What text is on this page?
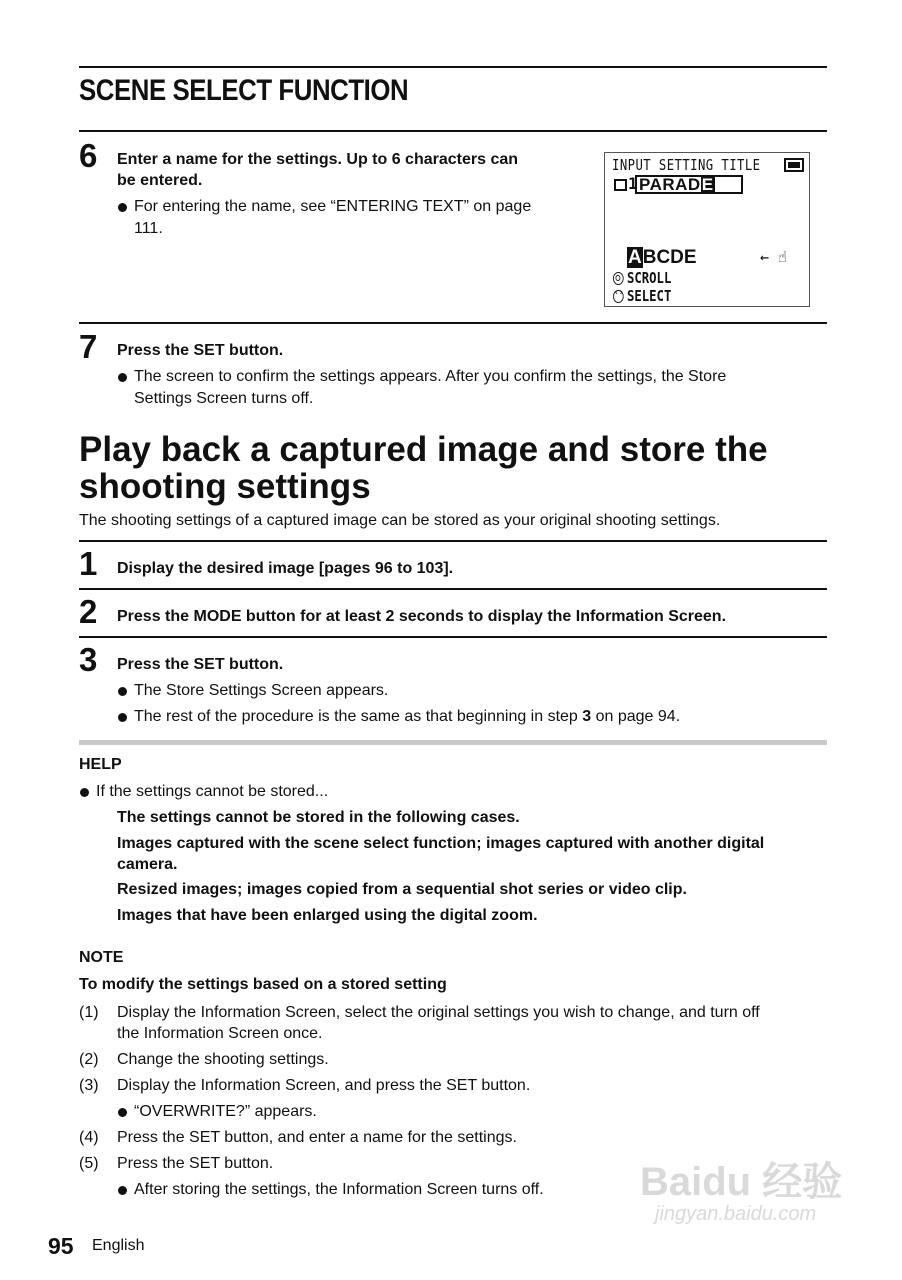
SCENE SELECT FUNCTION
6 Enter a name for the settings. Up to 6 characters can
be entered.
For entering the name, see “ENTERING TEXT” on page
111.
INPUT SETTING TITLE
1 PARADE
ABCDE	← ☝
SCROLL
‹›SELECT
7 Press the SET button.
The screen to confirm the settings appears. After you confirm the settings, the Store
Settings Screen turns off.
Play back a captured image and store the
shooting settings
The shooting settings of a captured image can be stored as your original shooting settings.
1 Display the desired image [pages 96 to 103].
2 Press the MODE button for at least 2 seconds to display the Information Screen.
3 Press the SET button.
The Store Settings Screen appears.
The rest of the procedure is the same as that beginning in step 3 on page 94.
HELP
If the settings cannot be stored...
The settings cannot be stored in the following cases.
Images captured with the scene select function; images captured with another digital
camera.
Resized images; images copied from a sequential shot series or video clip.
Images that have been enlarged using the digital zoom.
NOTE
To modify the settings based on a stored setting
(1) Display the Information Screen, select the original settings you wish to change, and turn off
the Information Screen once.
(2) Change the shooting settings.
(3) Display the Information Screen, and press the SET button.
“OVERWRITE?” appears.
(4) Press the SET button, and enter a name for the settings.
(5) Press the SET button.
After storing the settings, the Information Screen turns off. Baidu 经验
jingyan.baidu.com
95 English
